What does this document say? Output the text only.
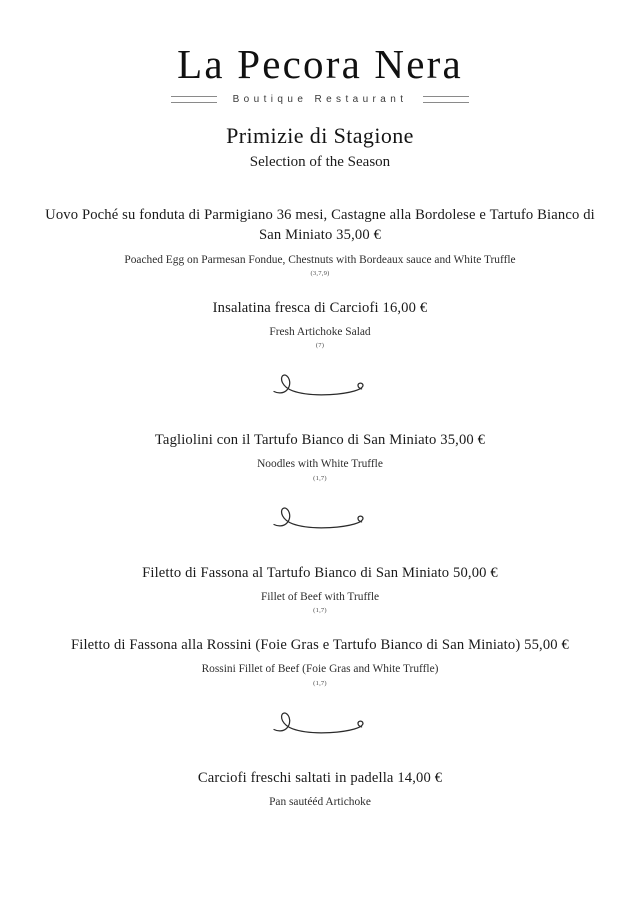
La Pecora Nera
Boutique Restaurant
Primizie di Stagione
Selection of the Season

Uovo Poché su fonduta di Parmigiano 36 mesi, Castagne alla Bordolese e Tartufo Bianco di San Miniato 35,00 €

Poached Egg on Parmesan Fondue, Chestnuts with Bordeaux sauce and White Truffle

(3,7,9)

Insalatina fresca di Carciofi 16,00 €

Fresh Artichoke Salad

(7)

Tagliolini con il Tartufo Bianco di San Miniato 35,00 €

Noodles with White Truffle

(1,7)

Filetto di Fassona al Tartufo Bianco di San Miniato 50,00 €

Fillet of Beef with Truffle

(1,7)

Filetto di Fassona alla Rossini (Foie Gras e Tartufo Bianco di San Miniato) 55,00 €

Rossini Fillet of Beef (Foie Gras and White Truffle)

(1,7)

Carciofi freschi saltati in padella 14,00 €

Pan sautééd Artichoke
